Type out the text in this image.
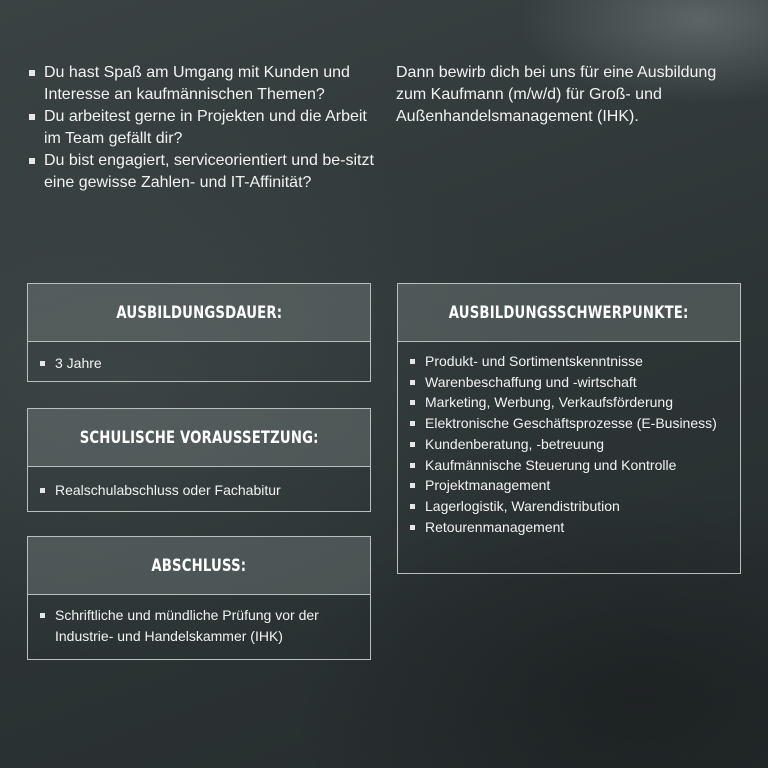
Du hast Spaß am Umgang mit Kunden und Interesse an kaufmännischen Themen?
Du arbeitest gerne in Projekten und die Arbeit im Team gefällt dir?
Du bist engagiert, serviceorientiert und be-sitzt eine gewisse Zahlen- und IT-Affinität?

Dann bewirb dich bei uns für eine Ausbildung zum Kaufmann (m/w/d) für Groß- und Außenhandelsmanagement (IHK).

AUSBILDUNGSDAUER:
3 Jahre
SCHULISCHE VORAUSSETZUNG:
Realschulabschluss oder Fachabitur
ABSCHLUSS:
Schriftliche und mündliche Prüfung vor der Industrie- und Handelskammer (IHK)
AUSBILDUNGSSCHWERPUNKTE:
Produkt- und Sortimentskenntnisse
Warenbeschaffung und -wirtschaft
Marketing, Werbung, Verkaufsförderung
Elektronische Geschäftsprozesse (E-Business)
Kundenberatung, -betreuung
Kaufmännische Steuerung und Kontrolle
Projektmanagement
Lagerlogistik, Warendistribution
Retourenmanagement
